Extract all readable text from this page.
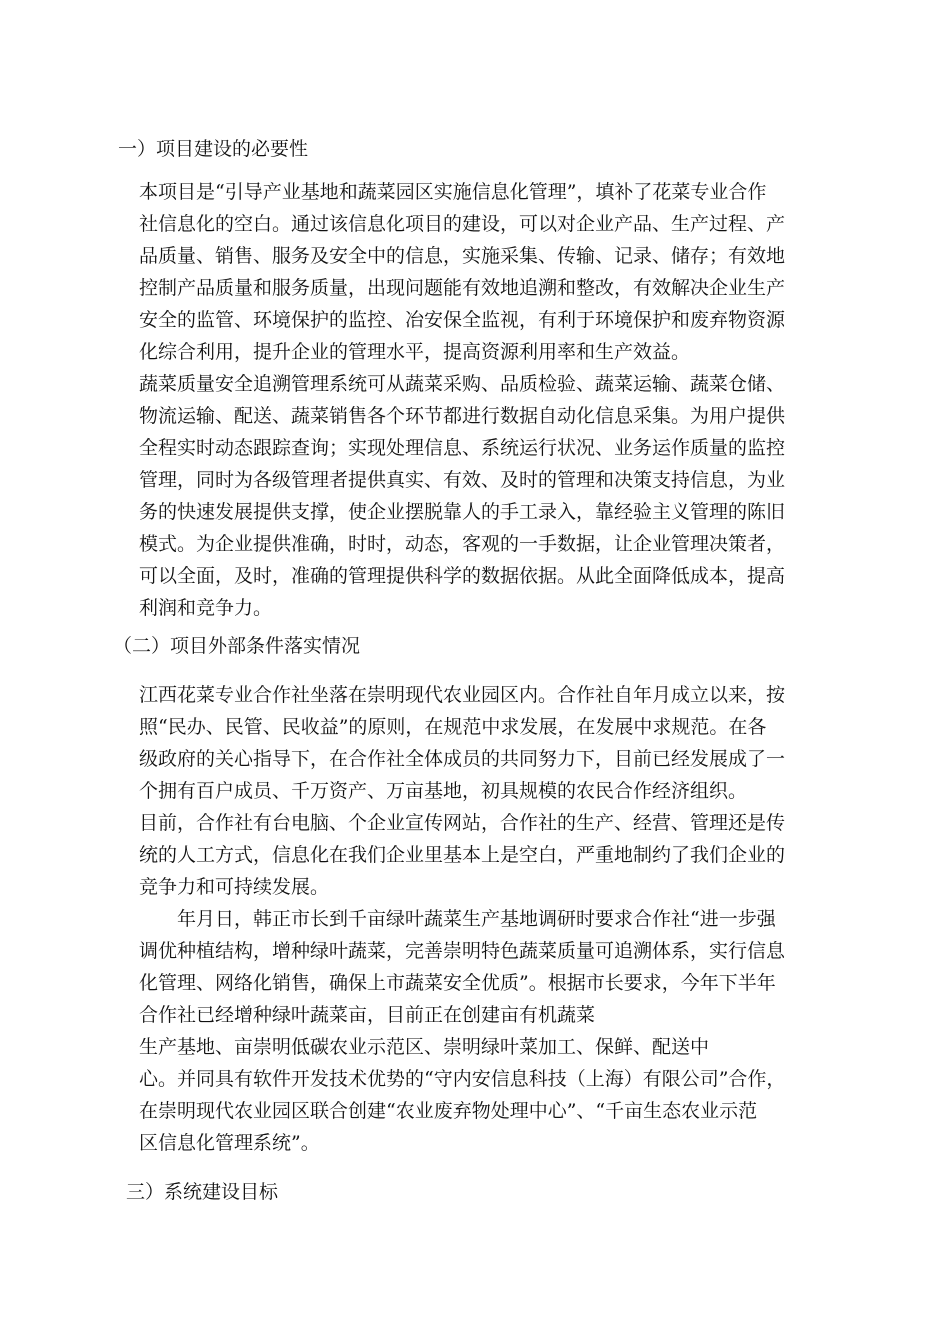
一）项目建设的必要性
本项目是“引导产业基地和蔬菜园区实施信息化管理”，填补了花菜专业合作
社信息化的空白。通过该信息化项目的建设，可以对企业产品、生产过程、产
品质量、销售、服务及安全中的信息，实施采集、传输、记录、储存；有效地
控制产品质量和服务质量，出现问题能有效地追溯和整改，有效解决企业生产
安全的监管、环境保护的监控、冶安保全监视，有利于环境保护和废弃物资源
化综合利用，提升企业的管理水平，提高资源利用率和生产效益。
蔬菜质量安全追溯管理系统可从蔬菜采购、品质检验、蔬菜运输、蔬菜仓储、
物流运输、配送、蔬菜销售各个环节都进行数据自动化信息采集。为用户提供
全程实时动态跟踪查询；实现处理信息、系统运行状况、业务运作质量的监控
管理，同时为各级管理者提供真实、有效、及时的管理和决策支持信息，为业
务的快速发展提供支撑，使企业摆脱靠人的手工录入，靠经验主义管理的陈旧
模式。为企业提供准确，时时，动态，客观的一手数据，让企业管理决策者，
可以全面，及时，准确的管理提供科学的数据依据。从此全面降低成本，提高
利润和竞争力。
（二）项目外部条件落实情况
江西花菜专业合作社坐落在崇明现代农业园区内。合作社自年月成立以来，按
照“民办、民管、民收益”的原则，在规范中求发展，在发展中求规范。在各
级政府的关心指导下，在合作社全体成员的共同努力下，目前已经发展成了一
个拥有百户成员、千万资产、万亩基地，初具规模的农民合作经济组织。
目前，合作社有台电脑、个企业宣传网站，合作社的生产、经营、管理还是传
统的人工方式，信息化在我们企业里基本上是空白，严重地制约了我们企业的
竞争力和可持续发展。
　　年月日，韩正市长到千亩绿叶蔬菜生产基地调研时要求合作社“进一步强
调优种植结构，增种绿叶蔬菜，完善崇明特色蔬菜质量可追溯体系，实行信息
化管理、网络化销售，确保上市蔬菜安全优质”。根据市长要求，今年下半年
合作社已经增种绿叶蔬菜亩，目前正在创建亩有机蔬菜
生产基地、亩崇明低碳农业示范区、崇明绿叶菜加工、保鲜、配送中
心。并同具有软件开发技术优势的“守内安信息科技（上海）有限公司”合作，
在崇明现代农业园区联合创建“农业废弃物处理中心”、“千亩生态农业示范
区信息化管理系统”。
三）系统建设目标
